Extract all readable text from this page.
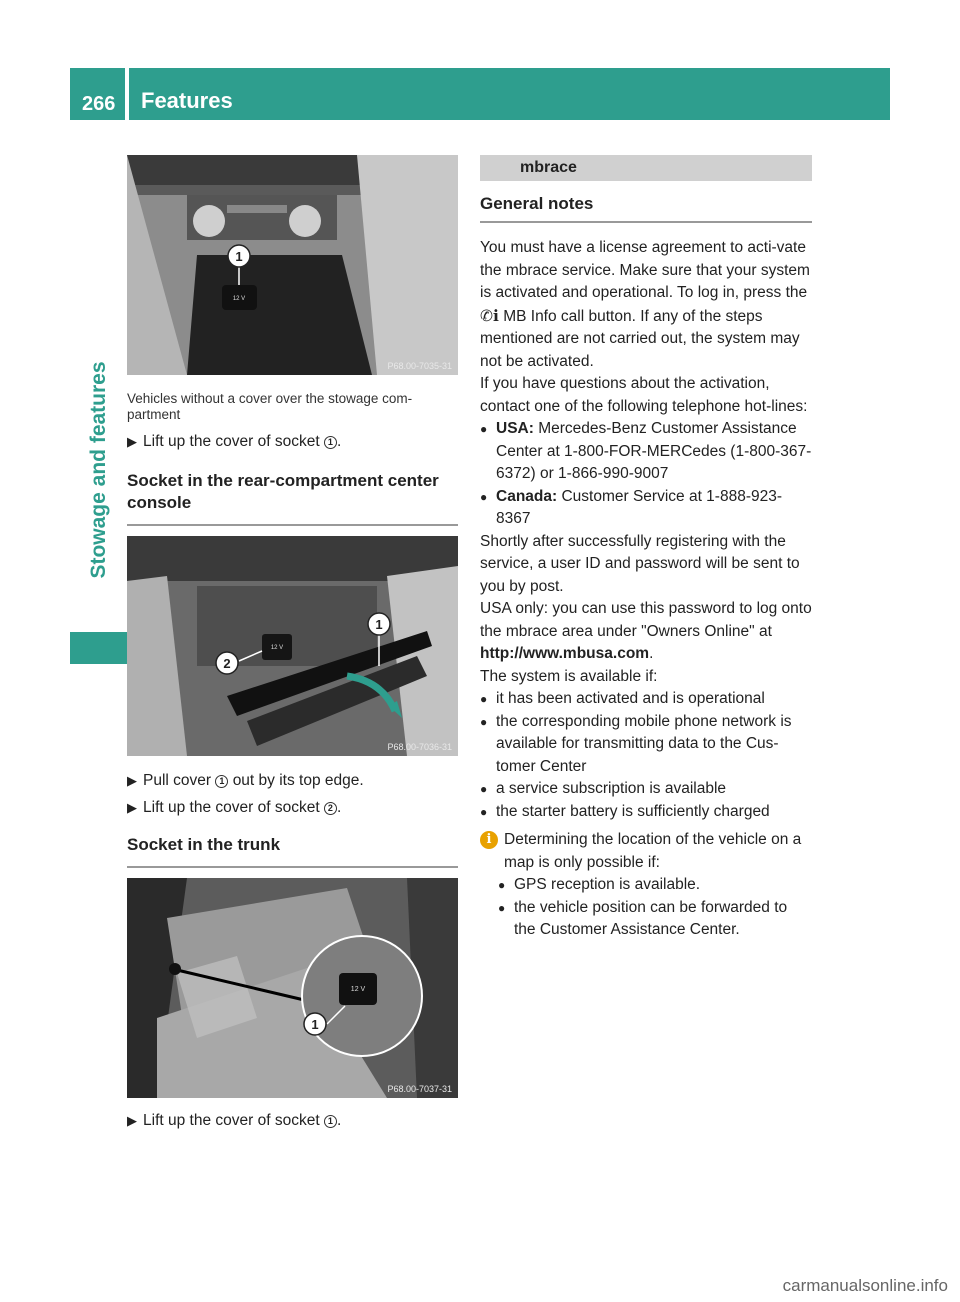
266 Features
Stowage and features
12 V
1
P68.00-7035-31
Vehicles without a cover over the stowage com-partment
▶ Lift up the cover of socket 1 .
Socket in the rear-compartment center console
12 V
2
1
P68.00-7036-31
▶ Pull cover 1 out by its top edge.
▶ Lift up the cover of socket 2 .
Socket in the trunk
12 V
1
P68.00-7037-31
▶ Lift up the cover of socket 1 .
mbrace
General notes
You must have a license agreement to acti-vate the mbrace service. Make sure that your system is activated and operational. To log in, press the ✆ℹ MB Info call button. If any of the steps mentioned are not carried out, the system may not be activated.
If you have questions about the activation, contact one of the following telephone hot-lines:
● USA: Mercedes-Benz Customer Assistance Center at 1-800-FOR-MERCedes (1-800-367-6372) or 1-866-990-9007
● Canada: Customer Service at 1-888-923-8367
Shortly after successfully registering with the service, a user ID and password will be sent to you by post.
USA only: you can use this password to log onto the mbrace area under "Owners Online" at http://www.mbusa.com.
The system is available if:
● it has been activated and is operational
● the corresponding mobile phone network is available for transmitting data to the Cus-tomer Center
● a service subscription is available
● the starter battery is sufficiently charged
i Determining the location of the vehicle on a map is only possible if:
● GPS reception is available.
● the vehicle position can be forwarded to the Customer Assistance Center.
carmanualsonline.info
